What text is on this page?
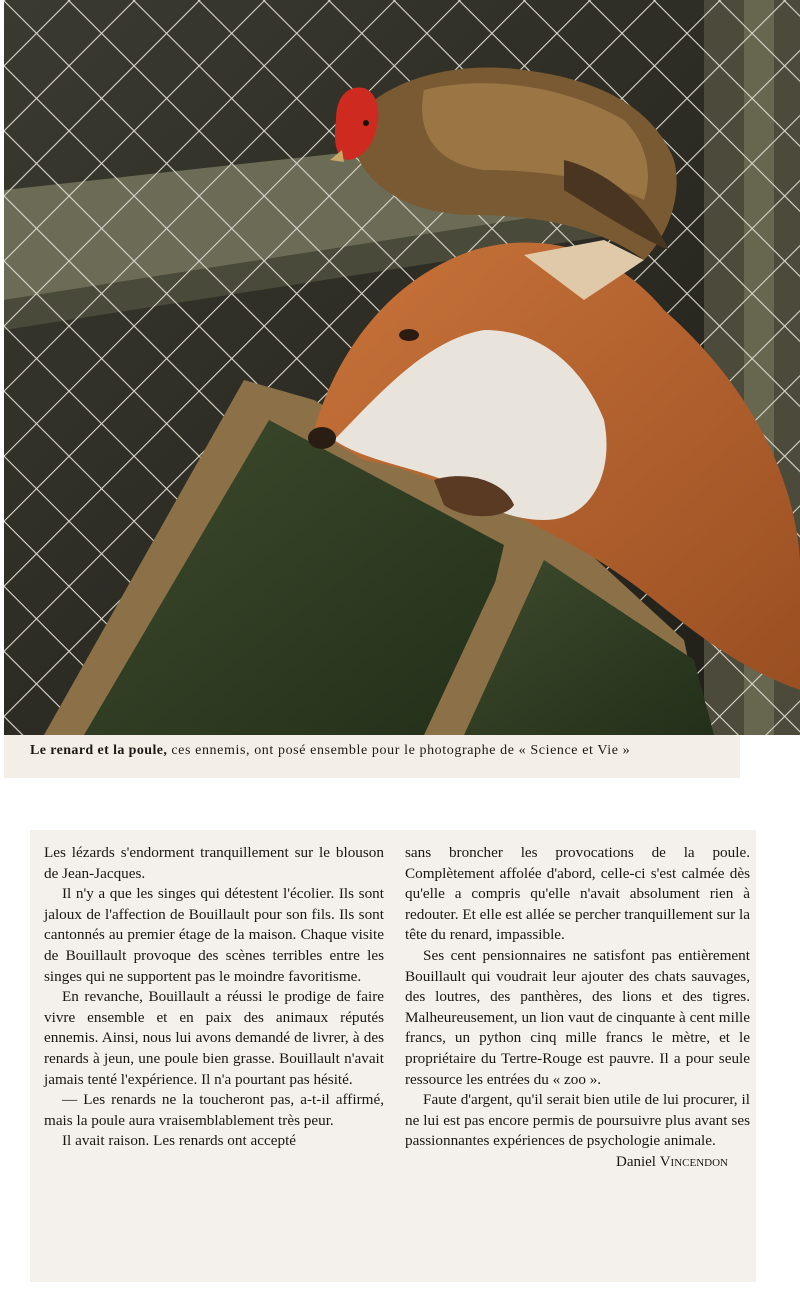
Le renard et la poule, ces ennemis, ont posé ensemble pour le photographe de « Science et Vie »

Les lézards s'endorment tranquillement sur le blouson de Jean-Jacques.

Il n'y a que les singes qui détestent l'écolier. Ils sont jaloux de l'affection de Bouillault pour son fils. Ils sont cantonnés au premier étage de la maison. Chaque visite de Bouillault provoque des scènes terribles entre les singes qui ne supportent pas le moindre favoritisme.

En revanche, Bouillault a réussi le prodige de faire vivre ensemble et en paix des animaux réputés ennemis. Ainsi, nous lui avons demandé de livrer, à des renards à jeun, une poule bien grasse. Bouillault n'avait jamais tenté l'expérience. Il n'a pourtant pas hésité.

— Les renards ne la toucheront pas, a-t-il affirmé, mais la poule aura vraisemblablement très peur.

Il avait raison. Les renards ont accepté

sans broncher les provocations de la poule. Complètement affolée d'abord, celle-ci s'est calmée dès qu'elle a compris qu'elle n'avait absolument rien à redouter. Et elle est allée se percher tranquillement sur la tête du renard, impassible.

Ses cent pensionnaires ne satisfont pas entièrement Bouillault qui voudrait leur ajouter des chats sauvages, des loutres, des panthères, des lions et des tigres. Malheureusement, un lion vaut de cinquante à cent mille francs, un python cinq mille francs le mètre, et le propriétaire du Tertre-Rouge est pauvre. Il a pour seule ressource les entrées du « zoo ».

Faute d'argent, qu'il serait bien utile de lui procurer, il ne lui est pas encore permis de poursuivre plus avant ses passionnantes expériences de psychologie animale.

Daniel Vincendon
